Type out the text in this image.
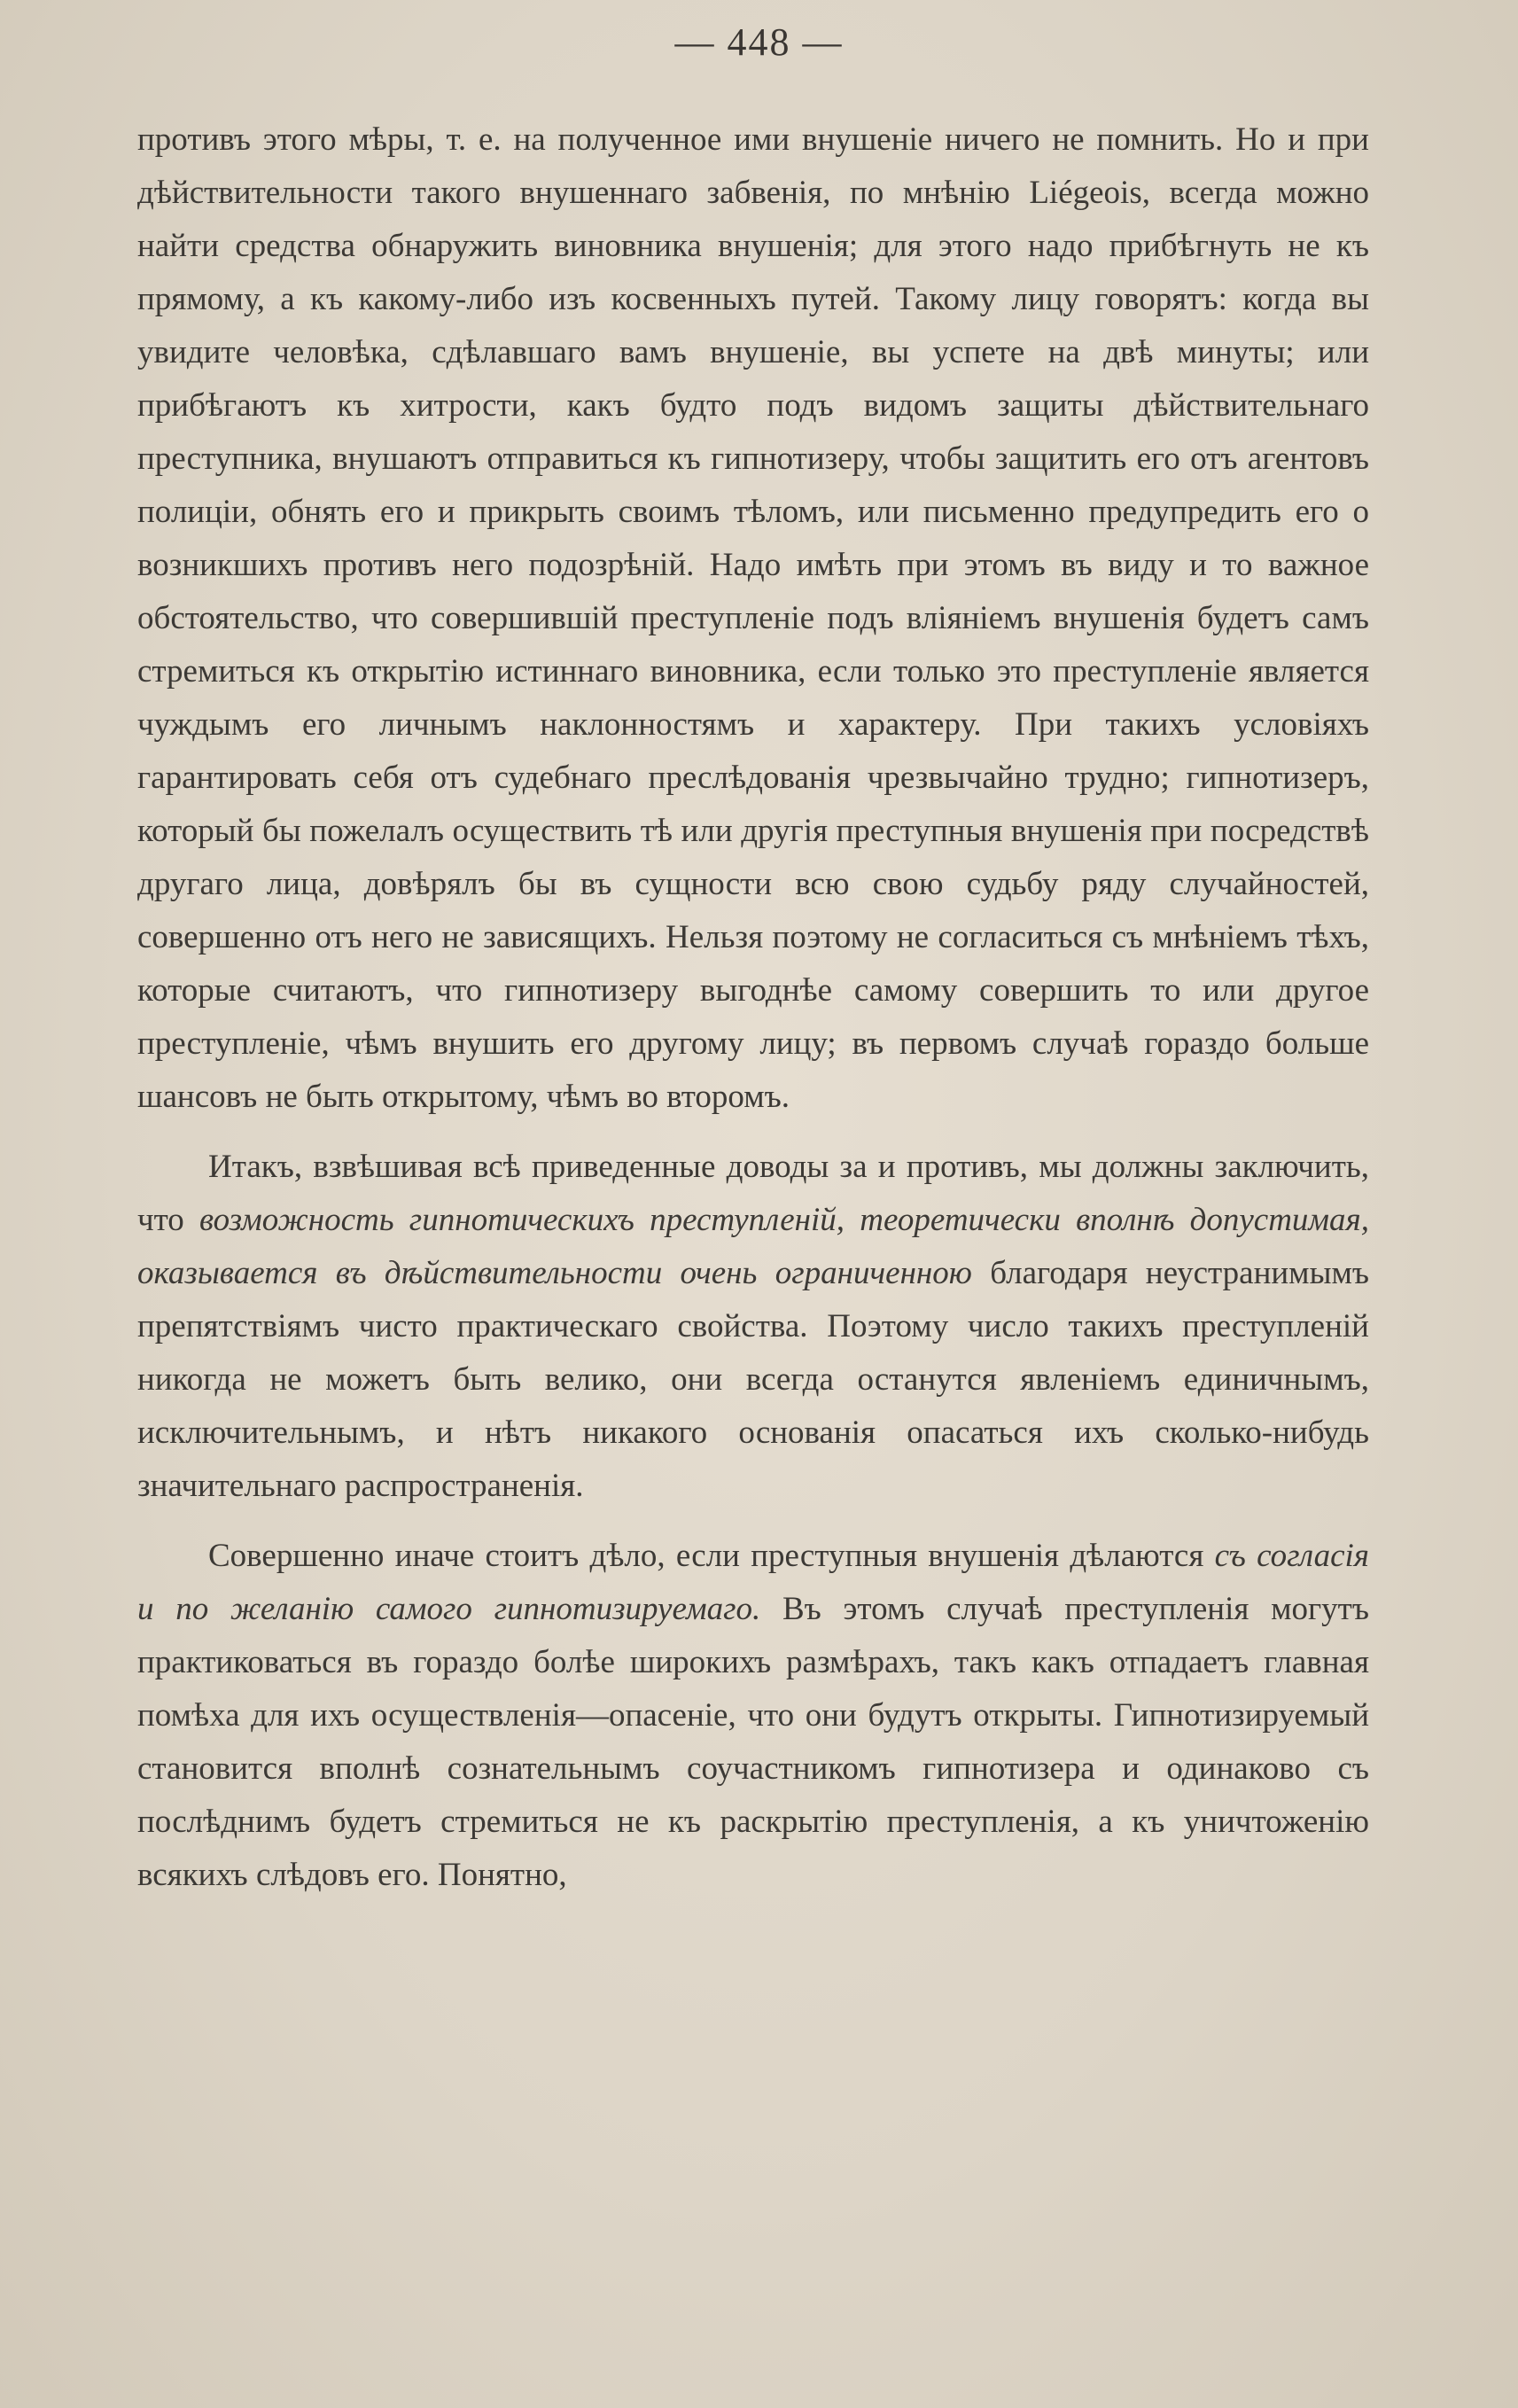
— 448 —

противъ этого мѣры, т. е. на полученное ими внушеніе ничего не помнить. Но и при дѣйствительности такого внушеннаго забвенія, по мнѣнію Liégeois, всегда можно найти средства обнаружить виновника внушенія; для этого надо прибѣгнуть не къ прямому, а къ какому-либо изъ косвенныхъ путей. Такому лицу говорятъ: когда вы увидите человѣка, сдѣлавшаго вамъ внушеніе, вы успете на двѣ минуты; или прибѣгаютъ къ хитрости, какъ будто подъ видомъ защиты дѣйствительнаго преступника, внушаютъ отправиться къ гипнотизеру, чтобы защитить его отъ агентовъ полиціи, обнять его и прикрыть своимъ тѣломъ, или письменно предупредить его о возникшихъ противъ него подозрѣній. Надо имѣть при этомъ въ виду и то важное обстоятельство, что совершившій преступленіе подъ вліяніемъ внушенія будетъ самъ стремиться къ открытію истиннаго виновника, если только это преступленіе является чуждымъ его личнымъ наклонностямъ и характеру. При такихъ условіяхъ гарантировать себя отъ судебнаго преслѣдованія чрезвычайно трудно; гипнотизеръ, который бы пожелалъ осуществить тѣ или другія преступныя внушенія при посредствѣ другаго лица, довѣрялъ бы въ сущности всю свою судьбу ряду случайностей, совершенно отъ него не зависящихъ. Нельзя поэтому не согласиться съ мнѣніемъ тѣхъ, которые считаютъ, что гипнотизеру выгоднѣе самому совершить то или другое преступленіе, чѣмъ внушить его другому лицу; въ первомъ случаѣ гораздо больше шансовъ не быть открытому, чѣмъ во второмъ.

Итакъ, взвѣшивая всѣ приведенные доводы за и противъ, мы должны заключить, что возможность гипнотическихъ преступленій, теоретически вполнѣ допустимая, оказывается въ дѣйствительности очень ограниченною благодаря неустранимымъ препятствіямъ чисто практическаго свойства. Поэтому число такихъ преступленій никогда не можетъ быть велико, они всегда останутся явленіемъ единичнымъ, исключительнымъ, и нѣтъ никакого основанія опасаться ихъ сколько-нибудь значительнаго распространенія.

Совершенно иначе стоитъ дѣло, если преступныя внушенія дѣлаются съ согласія и по желанію самого гипнотизируемаго. Въ этомъ случаѣ преступленія могутъ практиковаться въ гораздо болѣе широкихъ размѣрахъ, такъ какъ отпадаетъ главная помѣха для ихъ осуществленія—опасеніе, что они будутъ открыты. Гипнотизируемый становится вполнѣ сознательнымъ соучастникомъ гипнотизера и одинаково съ послѣднимъ будетъ стремиться не къ раскрытію преступленія, а къ уничтоженію всякихъ слѣдовъ его. Понятно,
